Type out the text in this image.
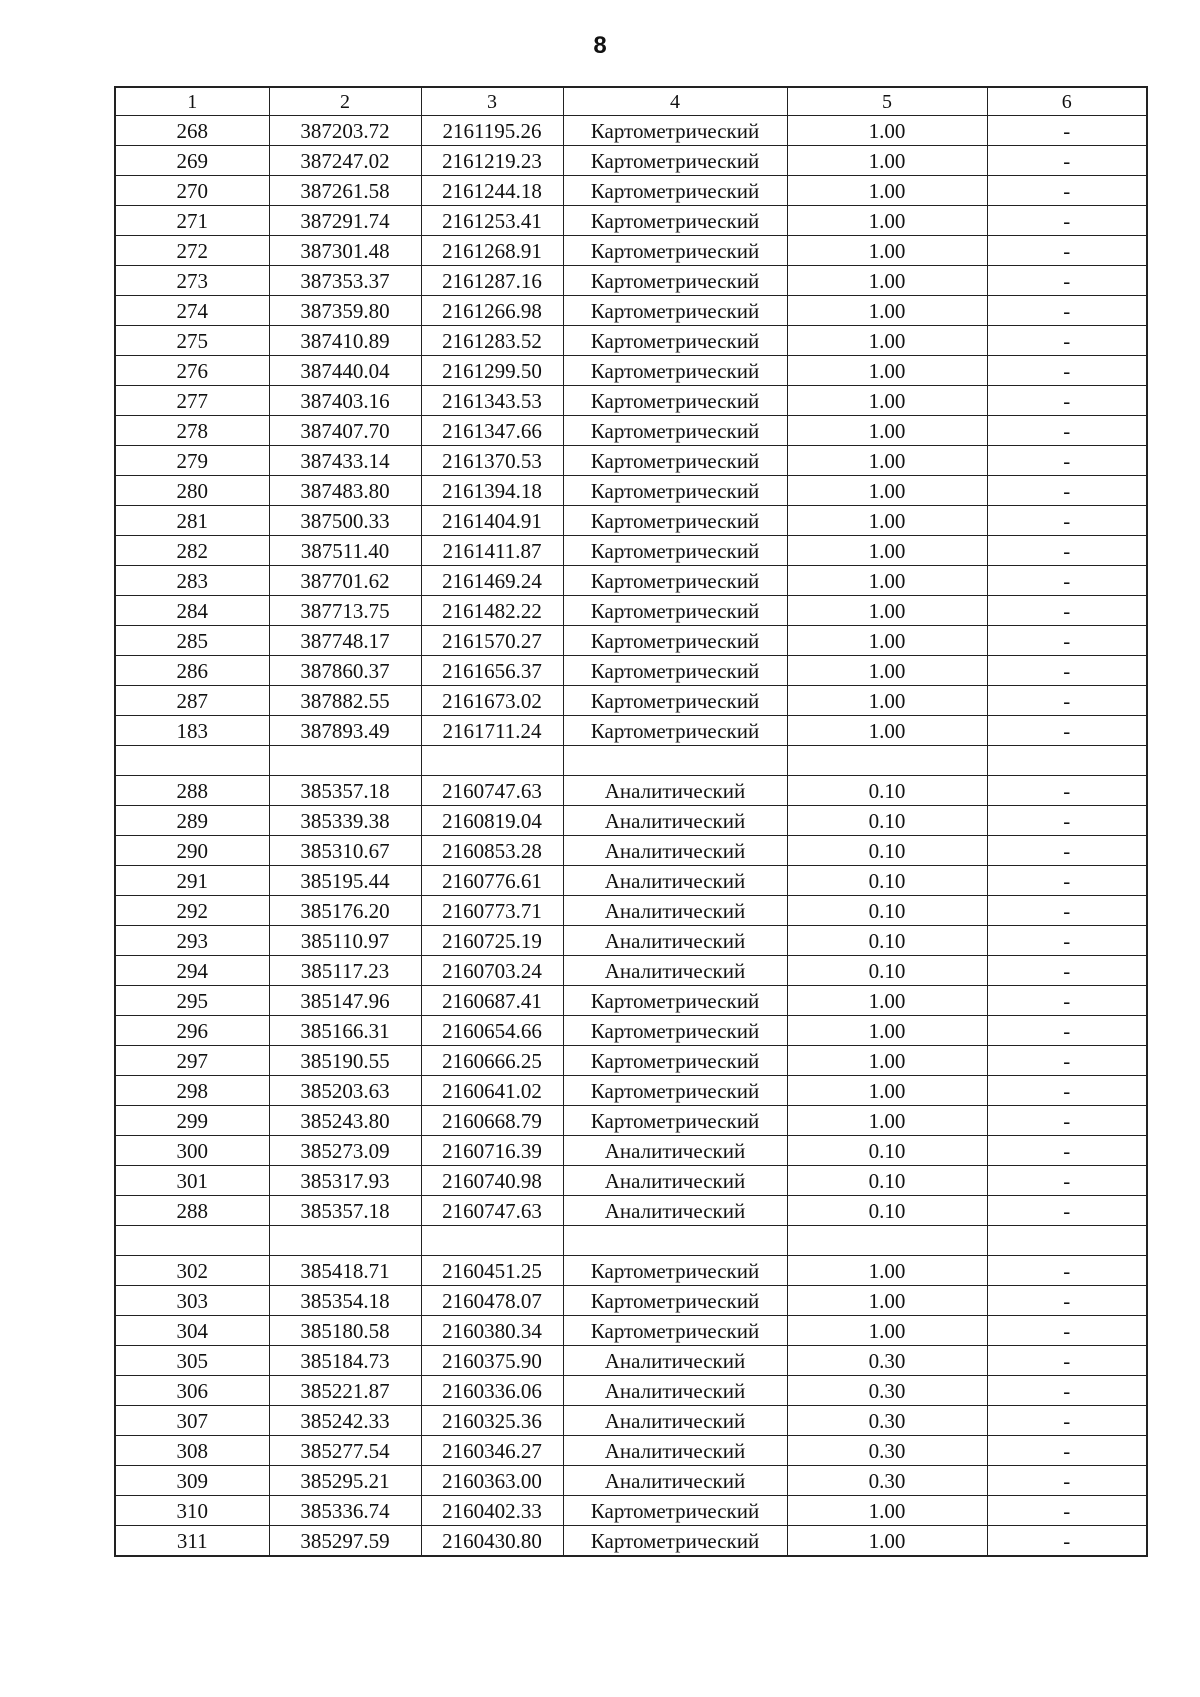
8
1	2	3	4	5	6
268	387203.72	2161195.26	Картометрический	1.00	-
269	387247.02	2161219.23	Картометрический	1.00	-
270	387261.58	2161244.18	Картометрический	1.00	-
271	387291.74	2161253.41	Картометрический	1.00	-
272	387301.48	2161268.91	Картометрический	1.00	-
273	387353.37	2161287.16	Картометрический	1.00	-
274	387359.80	2161266.98	Картометрический	1.00	-
275	387410.89	2161283.52	Картометрический	1.00	-
276	387440.04	2161299.50	Картометрический	1.00	-
277	387403.16	2161343.53	Картометрический	1.00	-
278	387407.70	2161347.66	Картометрический	1.00	-
279	387433.14	2161370.53	Картометрический	1.00	-
280	387483.80	2161394.18	Картометрический	1.00	-
281	387500.33	2161404.91	Картометрический	1.00	-
282	387511.40	2161411.87	Картометрический	1.00	-
283	387701.62	2161469.24	Картометрический	1.00	-
284	387713.75	2161482.22	Картометрический	1.00	-
285	387748.17	2161570.27	Картометрический	1.00	-
286	387860.37	2161656.37	Картометрический	1.00	-
287	387882.55	2161673.02	Картометрический	1.00	-
183	387893.49	2161711.24	Картометрический	1.00	-

288	385357.18	2160747.63	Аналитический	0.10	-
289	385339.38	2160819.04	Аналитический	0.10	-
290	385310.67	2160853.28	Аналитический	0.10	-
291	385195.44	2160776.61	Аналитический	0.10	-
292	385176.20	2160773.71	Аналитический	0.10	-
293	385110.97	2160725.19	Аналитический	0.10	-
294	385117.23	2160703.24	Аналитический	0.10	-
295	385147.96	2160687.41	Картометрический	1.00	-
296	385166.31	2160654.66	Картометрический	1.00	-
297	385190.55	2160666.25	Картометрический	1.00	-
298	385203.63	2160641.02	Картометрический	1.00	-
299	385243.80	2160668.79	Картометрический	1.00	-
300	385273.09	2160716.39	Аналитический	0.10	-
301	385317.93	2160740.98	Аналитический	0.10	-
288	385357.18	2160747.63	Аналитический	0.10	-

302	385418.71	2160451.25	Картометрический	1.00	-
303	385354.18	2160478.07	Картометрический	1.00	-
304	385180.58	2160380.34	Картометрический	1.00	-
305	385184.73	2160375.90	Аналитический	0.30	-
306	385221.87	2160336.06	Аналитический	0.30	-
307	385242.33	2160325.36	Аналитический	0.30	-
308	385277.54	2160346.27	Аналитический	0.30	-
309	385295.21	2160363.00	Аналитический	0.30	-
310	385336.74	2160402.33	Картометрический	1.00	-
311	385297.59	2160430.80	Картометрический	1.00	-
